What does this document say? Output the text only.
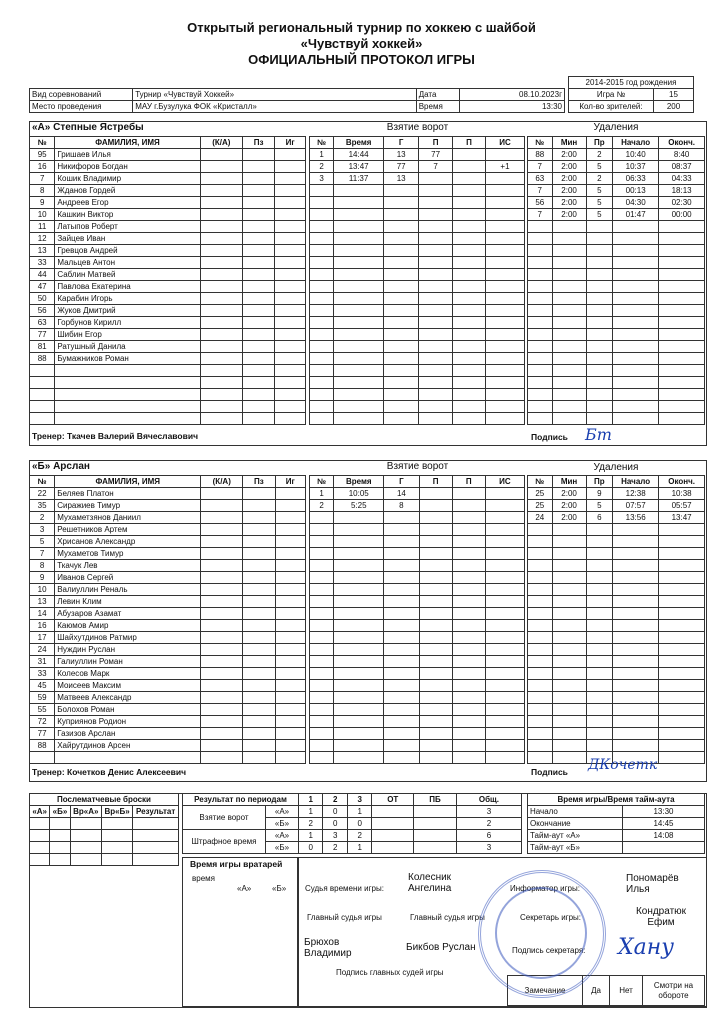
Открытый региональный турнир по хоккею с шайбой
«Чувствуй хоккей»
ОФИЦИАЛЬНЫЙ ПРОТОКОЛ ИГРЫ
Вид соревнований	Турнир «Чувствуй Хоккей»	Дата	08.10.2023г
Место проведения	МАУ г.Бузулука ФОК «Кристалл»	Время	13:30
2014-2015 год рождения	
Игра №	15
Кол-во зрителей:	200
«А» Степные Ястребы	Взятие ворот	Удаления
№	ФАМИЛИЯ, ИМЯ	(К/А)	Пз	Иг
95	Гришаев Илья			
16	Никифоров Богдан			
7	Кошик Владимир			
8	Жданов Гордей			
9	Андреев Егор			
10	Кашкин Виктор			
11	Латыпов Роберт			
12	Зайцев Иван			
13	Гревцов Андрей			
33	Мальцев Антон			
44	Саблин Матвей			
47	Павлова Екатерина			
50	Карабин Игорь			
56	Жуков Дмитрий			
63	Горбунов Кирилл			
77	Шибин Егор			
81	Ратушный Данила			
88	Бумажников Роман			

№	Время	Г	П	П	ИС
1	14:44	13	77		
2	13:47	77	7		+1
3	11:37	13			

№	Мин	Пр	Начало	Оконч.
88	2:00	2	10:40	8:40
7	2:00	5	10:37	08:37
63	2:00	2	06:33	04:33
7	2:00	5	00:13	18:13
56	2:00	5	04:30	02:30
7	2:00	5	01:47	00:00

Тренер: Ткачев Валерий Вячеславович	Подпись Бт
«Б» Арслан	Взятие ворот	Удаления
№	ФАМИЛИЯ, ИМЯ	(К/А)	Пз	Иг
22	Беляев Платон			
35	Сиражиев Тимур			
2	Мухаметзянов Даниил			
3	Решетников Артем			
5	Хрисанов Александр			
7	Мухаметов Тимур			
8	Ткачук Лев			
9	Иванов Сергей			
10	Валиуллин Реналь			
13	Левин Клим			
14	Абузаров Азамат			
16	Каюмов Амир			
17	Шайхутдинов Ратмир			
24	Нуждин Руслан			
31	Галиуллин Роман			
33	Колесов Марк			
45	Моисеев Максим			
59	Матвеев Александр			
55	Болохов Роман			
72	Куприянов Родион			
77	Газизов Арслан			
88	Хайрутдинов Арсен			

№	Время	Г	П	П	ИС
1	10:05	14			
2	5:25	8			

№	Мин	Пр	Начало	Оконч.
25	2:00	9	12:38	10:38
25	2:00	5	07:57	05:57
24	2:00	6	13:56	13:47

Тренер: Кочетков Денис Алексеевич	Подпись ДКочетк
Послематчевые броски				
«А»	«Б»	Вр«А»	Вр«Б»	Результат

Результат по периодам		1	2	3	ОТ	ПБ	Общ.
Взятие ворот	«А»	1	0	1			3
	«Б»	2	0	0			2
Штрафное время	«А»	1	3	2			6
	«Б»	0	2	1			3
Время игры/Время тайм-аута	
Начало	13:30
Окончание	14:45
Тайм-аут «А»	14:08
Тайм-аут «Б»	
Время игры вратарей
время
«А»	«Б» Судья времени игры:
Колесник Ангелина	Информатор игры:
Пономарёв Илья
Главный судья игры	Главный судья игры	Секретарь игры:
Кондратюк Ефим
Брюхов Владимир
Бикбов Руслан
Подпись главных судей игры
Подпись секретаря: Хану
Замечание	Да	Нет	Смотри на обороте
